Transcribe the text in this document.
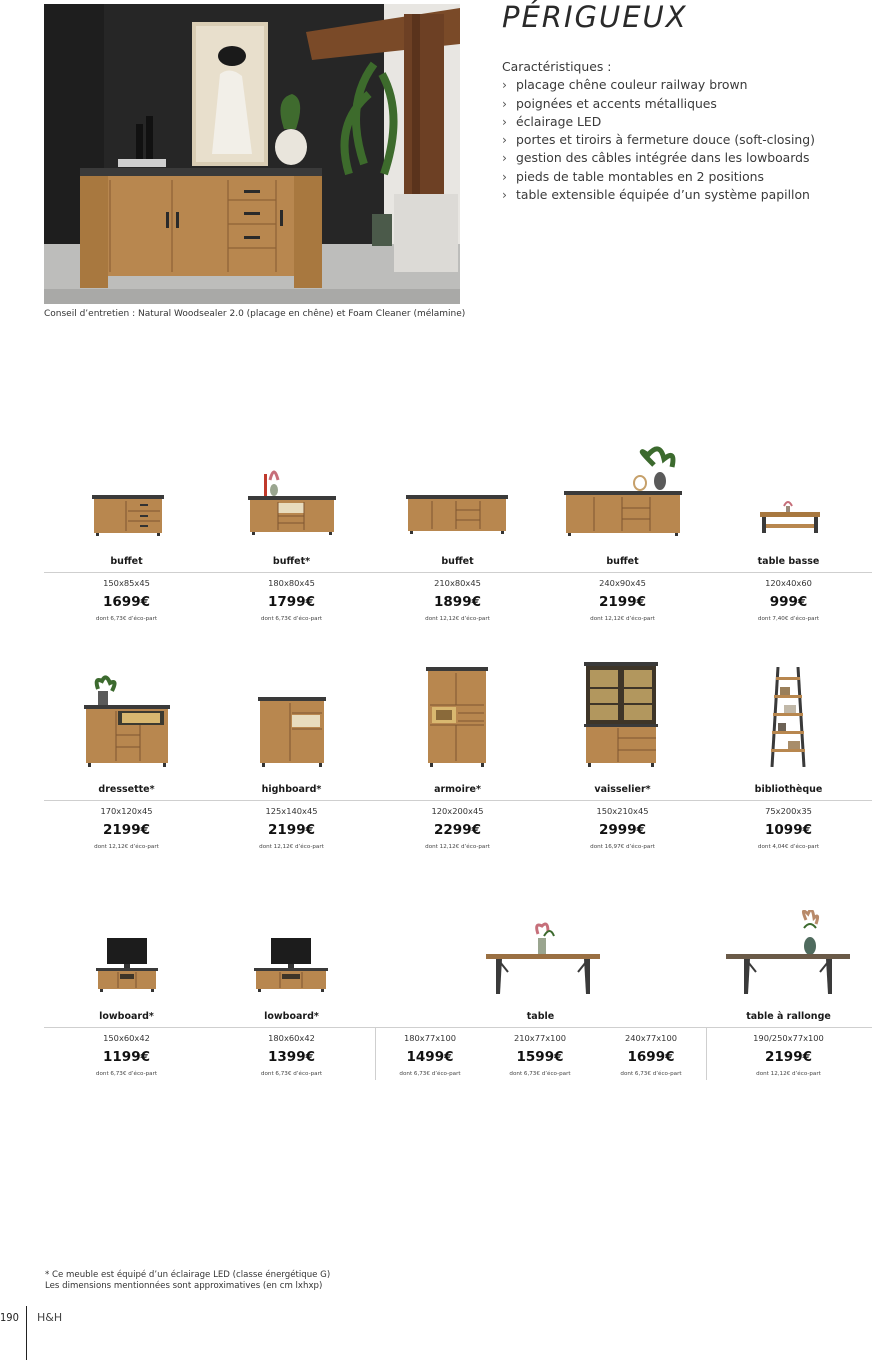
Conseil d’entretien : Natural Woodsealer 2.0 (placage en chêne) et Foam Cleaner (mélamine)
PÉRIGUEUX
Caractéristiques :
› placage chêne couleur railway brown
› poignées et accents métalliques
› éclairage LED
› portes et tiroirs à fermeture douce (soft-closing)
› gestion des câbles intégrée dans les lowboards
› pieds de table montables en 2 positions
› table extensible équipée d’un système papillon
buffet
150x85x45
1699€
dont 6,73€ d’éco-part
buffet*
180x80x45
1799€
dont 6,73€ d’éco-part
buffet
210x80x45
1899€
dont 12,12€ d’éco-part
buffet
240x90x45
2199€
dont 12,12€ d’éco-part
table basse
120x40x60
999€
dont 7,40€ d’éco-part
dressette*
170x120x45
2199€
dont 12,12€ d’éco-part
highboard*
125x140x45
2199€
dont 12,12€ d’éco-part
armoire*
120x200x45
2299€
dont 12,12€ d’éco-part
vaisselier*
150x210x45
2999€
dont 16,97€ d’éco-part
bibliothèque
75x200x35
1099€
dont 4,04€ d’éco-part
lowboard*
150x60x42
1199€
dont 6,73€ d’éco-part
lowboard*
180x60x42
1399€
dont 6,73€ d’éco-part
table
180x77x100
1499€
dont 6,73€ d’éco-part
210x77x100
1599€
dont 6,73€ d’éco-part
240x77x100
1699€
dont 6,73€ d’éco-part
table à rallonge
190/250x77x100
2199€
dont 12,12€ d’éco-part
* Ce meuble est équipé d’un éclairage LED (classe énergétique G)
Les dimensions mentionnées sont approximatives (en cm lxhxp)
190 H&H
